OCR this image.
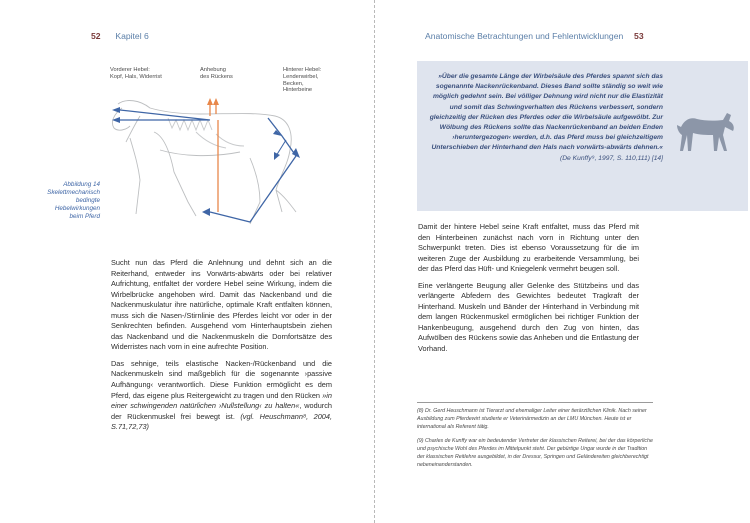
52 Kapitel 6
Vorderer Hebel:
Kopf, Hals, Widerrist
Anhebung
des Rückens
Hinterer Hebel:
Lendenwirbel,
Becken,
Hinterbeine
Abbildung 14
Skelettmechanisch
bedingte
Hebelwirkungen
beim Pferd

Sucht nun das Pferd die Anlehnung und dehnt sich an die Reiterhand, entweder ins Vorwärts-abwärts oder bei relativer Aufrichtung, entfaltet der vordere Hebel seine Wirkung, indem die Wirbelbrücke angehoben wird. Damit das Nackenband und die Nackenmuskulatur ihre natürliche, optimale Kraft entfalten können, muss sich die Nasen-/Stirnlinie des Pferdes leicht vor oder in der Senkrechten befinden. Ausgehend vom Hinterhauptsbein ziehen das Nackenband und die Nackenmuskeln die Dornfortsätze des Widerristes nach vorn in eine aufrechte Position.

Das sehnige, teils elastische Nacken-/Rückenband und die Nackenmuskeln sind maßgeblich für die sogenannte ›passive Aufhängung‹ verantwortlich. Diese Funktion ermöglicht es dem Pferd, das eigene plus Reitergewicht zu tragen und den Rücken »in einer schwingenden natürlichen ›Nullstellung‹ zu halten«, wodurch der Rückenmuskel frei bewegt ist. (vgl. Heuschmann⁸, 2004, S.71,72,73)

Anatomische Betrachtungen und Fehlentwicklungen 53
»Über die gesamte Länge der Wirbelsäule des Pferdes spannt sich das sogenannte Nackenrückenband. Dieses Band sollte ständig so weit wie möglich gedehnt sein. Bei völliger Dehnung wird nicht nur die Elastizität und somit das Schwingverhalten des Rückens verbessert, sondern gleichzeitig der Rücken des Pferdes oder die Wirbelsäule aufgewölbt. Zur Wölbung des Rückens sollte das Nackenrückenband an beiden Enden ›heruntergezogen‹ werden, d.h. das Pferd muss bei gleichzeitigem Unterschieben der Hinterhand den Hals nach vorwärts-abwärts dehnen.«
(De Kunffy⁹, 1997, S. 110,111) [14]

Damit der hintere Hebel seine Kraft entfaltet, muss das Pferd mit den Hinterbeinen zunächst nach vorn in Richtung unter den Schwerpunkt treten. Dies ist ebenso Voraussetzung für die im weiteren Zuge der Ausbildung zu erarbeitende Versammlung, bei der das Pferd das Hüft- und Kniegelenk vermehrt beugen soll.

Eine verlängerte Beugung aller Gelenke des Stützbeins und das verlängerte Abfedern des Gewichtes bedeutet Tragkraft der Hinterhand. Muskeln und Bänder der Hinterhand in Verbindung mit dem langen Rückenmuskel ermöglichen bei richtiger Funktion der Hankenbeugung, ausgehend durch den Zug von hinten, das Aufwölben des Rückens sowie das Anheben und die Entlastung der Vorhand.

(8) Dr. Gerd Heuschmann ist Tierarzt und ehemaliger Leiter einer tierärztlichen Klinik. Nach seiner Ausbildung zum Pferdewirt studierte er Veterinärmedizin an der LMU München. Heute ist er international als Referent tätig.

(9) Charles de Kunffy war ein bedeutender Vertreter der klassischen Reiterei, bei der das körperliche und psychische Wohl des Pferdes im Mittelpunkt steht. Der gebürtige Ungar wurde in der Tradition der klassischen Reitlehre ausgebildet, in der Dressur, Springen und Geländereiten gleichberechtigt nebeneinanderstanden.
